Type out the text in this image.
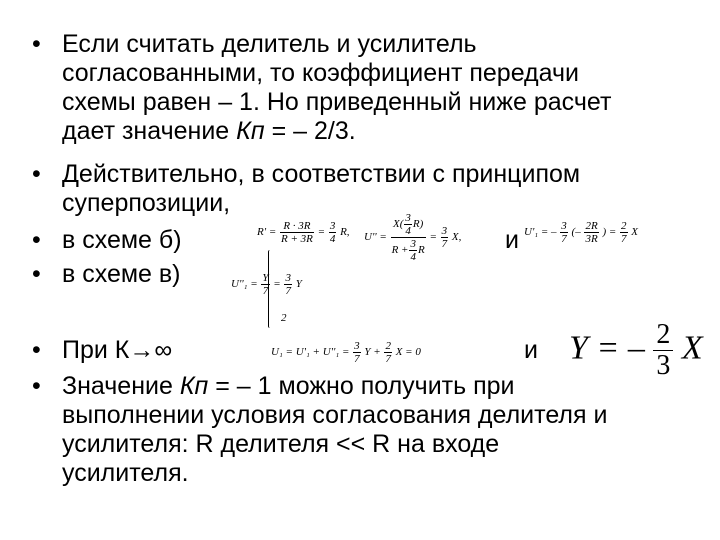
• Если считать делитель и усилитель
согласованными, то коэффициент передачи
схемы равен – 1. Но приведенный ниже расчет
дает значение Кп = – 2/3.
• Действительно, в соответствии с принципом
суперпозиции,
• в схеме б)	и
• в схеме в)
• При К→∞	и
• Значение Кп = – 1 можно получить при
выполнении условия согласования делителя и
усилителя: R делителя << R на входе
усилителя.
$R' = \frac{R \cdot 3R}{R + 3R} = \frac{3}{4} R$, $U'' = \frac{X( \frac{3}{4} R)}{R + \frac{3}{4} R} = \frac{3}{7} X$,	U'₁ = – $\frac{3}{7}$ (– $\frac{2R}{3R}$ ) = $\frac{2}{7}$ X
$U''_1 = \frac{Y}{7} = \frac{3}{7}$ Y
2
$U_1 = U'_1 + U''_1 = \frac{3}{7}$ $Y + \frac{2}{7}$ X = 0	Y = – $\frac{2}{3}$ X
